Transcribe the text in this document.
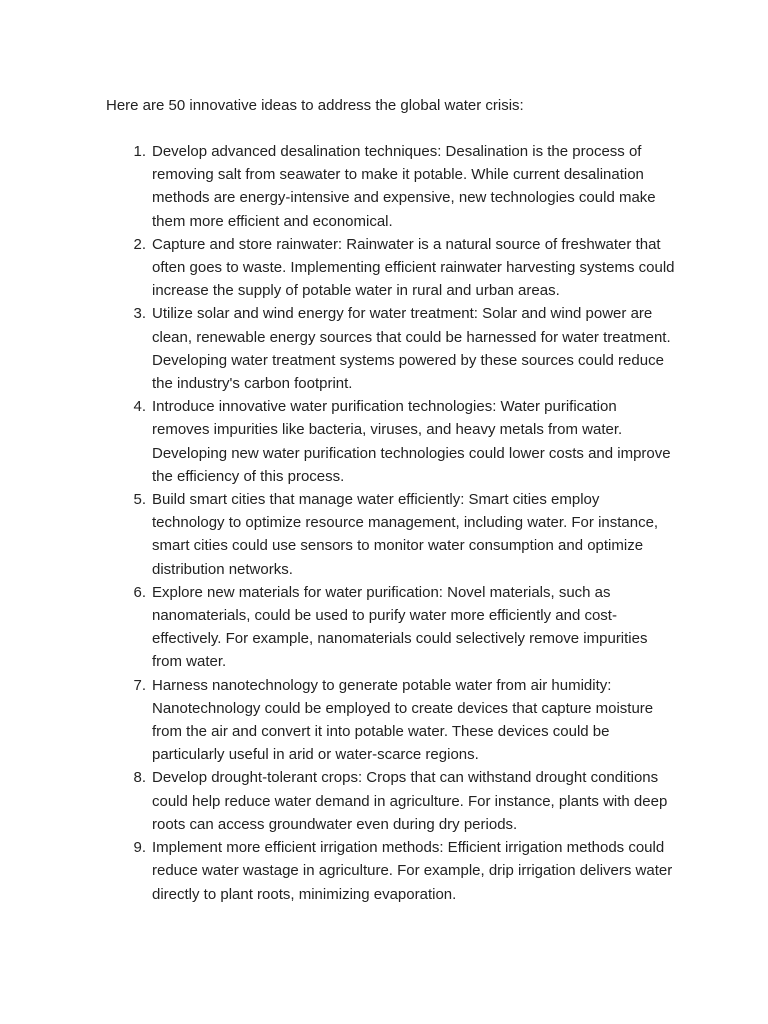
Here are 50 innovative ideas to address the global water crisis:
1. Develop advanced desalination techniques: Desalination is the process of removing salt from seawater to make it potable. While current desalination methods are energy-intensive and expensive, new technologies could make them more efficient and economical.
2. Capture and store rainwater: Rainwater is a natural source of freshwater that often goes to waste. Implementing efficient rainwater harvesting systems could increase the supply of potable water in rural and urban areas.
3. Utilize solar and wind energy for water treatment: Solar and wind power are clean, renewable energy sources that could be harnessed for water treatment. Developing water treatment systems powered by these sources could reduce the industry's carbon footprint.
4. Introduce innovative water purification technologies: Water purification removes impurities like bacteria, viruses, and heavy metals from water. Developing new water purification technologies could lower costs and improve the efficiency of this process.
5. Build smart cities that manage water efficiently: Smart cities employ technology to optimize resource management, including water. For instance, smart cities could use sensors to monitor water consumption and optimize distribution networks.
6. Explore new materials for water purification: Novel materials, such as nanomaterials, could be used to purify water more efficiently and cost-effectively. For example, nanomaterials could selectively remove impurities from water.
7. Harness nanotechnology to generate potable water from air humidity: Nanotechnology could be employed to create devices that capture moisture from the air and convert it into potable water. These devices could be particularly useful in arid or water-scarce regions.
8. Develop drought-tolerant crops: Crops that can withstand drought conditions could help reduce water demand in agriculture. For instance, plants with deep roots can access groundwater even during dry periods.
9. Implement more efficient irrigation methods: Efficient irrigation methods could reduce water wastage in agriculture. For example, drip irrigation delivers water directly to plant roots, minimizing evaporation.
